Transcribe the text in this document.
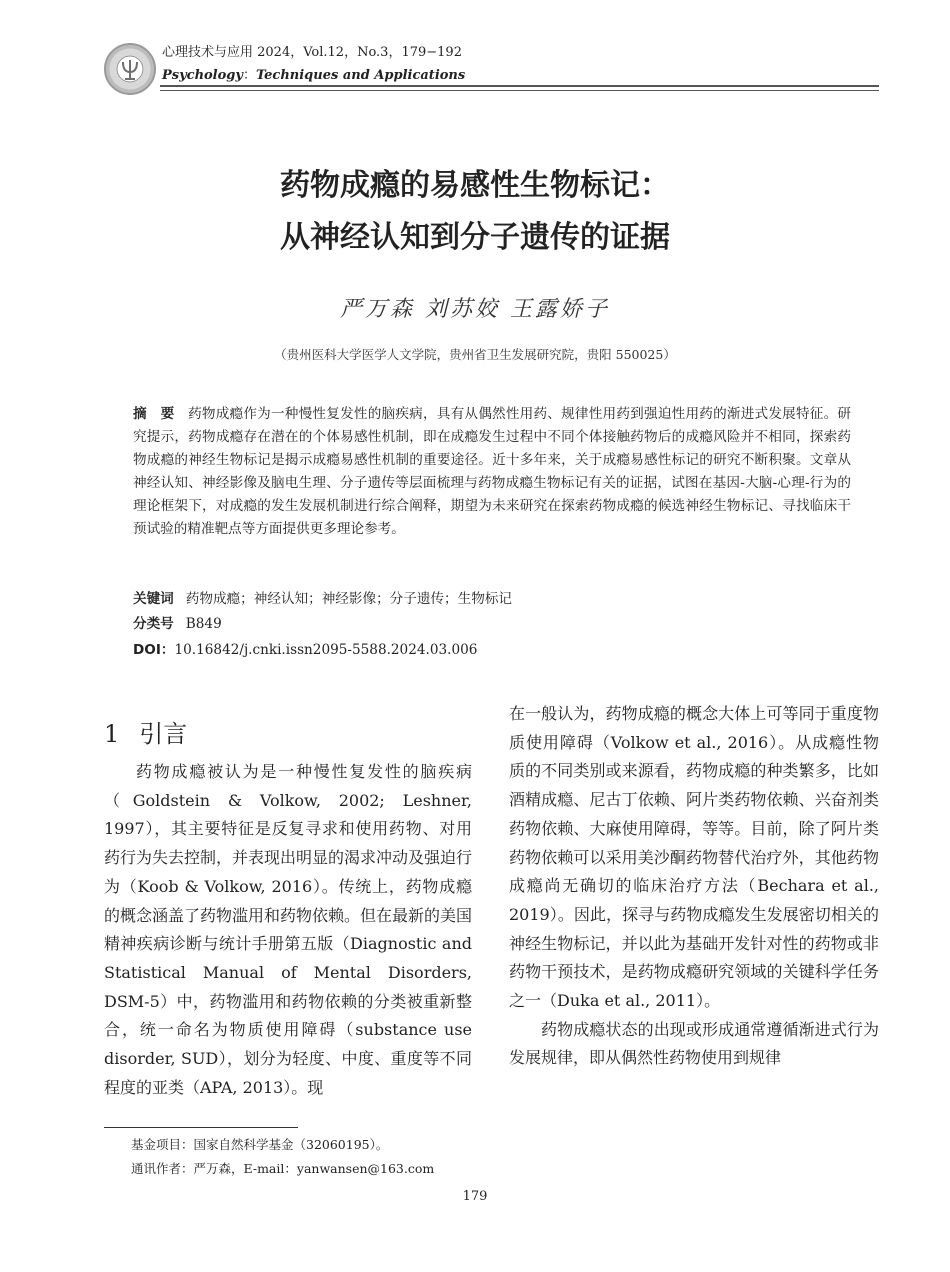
心理技术与应用 2024，Vol.12，No.3，179−192
Psychology：Techniques and Applications
药物成瘾的易感性生物标记：
从神经认知到分子遗传的证据
严万森 刘苏姣 王露娇子
（贵州医科大学医学人文学院，贵州省卫生发展研究院，贵阳 550025）
摘　要 药物成瘾作为一种慢性复发性的脑疾病，具有从偶然性用药、规律性用药到强迫性用药的渐进式发展特征。研究提示，药物成瘾存在潜在的个体易感性机制，即在成瘾发生过程中不同个体接触药物后的成瘾风险并不相同，探索药物成瘾的神经生物标记是揭示成瘾易感性机制的重要途径。近十多年来，关于成瘾易感性标记的研究不断积聚。文章从神经认知、神经影像及脑电生理、分子遗传等层面梳理与药物成瘾生物标记有关的证据，试图在基因-大脑-心理-行为的理论框架下，对成瘾的发生发展机制进行综合阐释，期望为未来研究在探索药物成瘾的候选神经生物标记、寻找临床干预试验的精准靶点等方面提供更多理论参考。
关键词 药物成瘾；神经认知；神经影像；分子遗传；生物标记
分类号 B849
DOI：10.16842/j.cnki.issn2095-5588.2024.03.006
1 引言

药物成瘾被认为是一种慢性复发性的脑疾病（Goldstein & Volkow, 2002; Leshner, 1997），其主要特征是反复寻求和使用药物、对用药行为失去控制，并表现出明显的渴求冲动及强迫行为（Koob & Volkow, 2016）。传统上，药物成瘾的概念涵盖了药物滥用和药物依赖。但在最新的美国精神疾病诊断与统计手册第五版（Diagnostic and Statistical Manual of Mental Disorders, DSM-5）中，药物滥用和药物依赖的分类被重新整合，统一命名为物质使用障碍（substance use disorder, SUD），划分为轻度、中度、重度等不同程度的亚类（APA, 2013）。现

在一般认为，药物成瘾的概念大体上可等同于重度物质使用障碍（Volkow et al., 2016）。从成瘾性物质的不同类别或来源看，药物成瘾的种类繁多，比如酒精成瘾、尼古丁依赖、阿片类药物依赖、兴奋剂类药物依赖、大麻使用障碍，等等。目前，除了阿片类药物依赖可以采用美沙酮药物替代治疗外，其他药物成瘾尚无确切的临床治疗方法（Bechara et al., 2019）。因此，探寻与药物成瘾发生发展密切相关的神经生物标记，并以此为基础开发针对性的药物或非药物干预技术，是药物成瘾研究领域的关键科学任务之一（Duka et al., 2011）。

药物成瘾状态的出现或形成通常遵循渐进式行为发展规律，即从偶然性药物使用到规律

基金项目：国家自然科学基金（32060195）。
通讯作者：严万森，E-mail：yanwansen@163.com
179
